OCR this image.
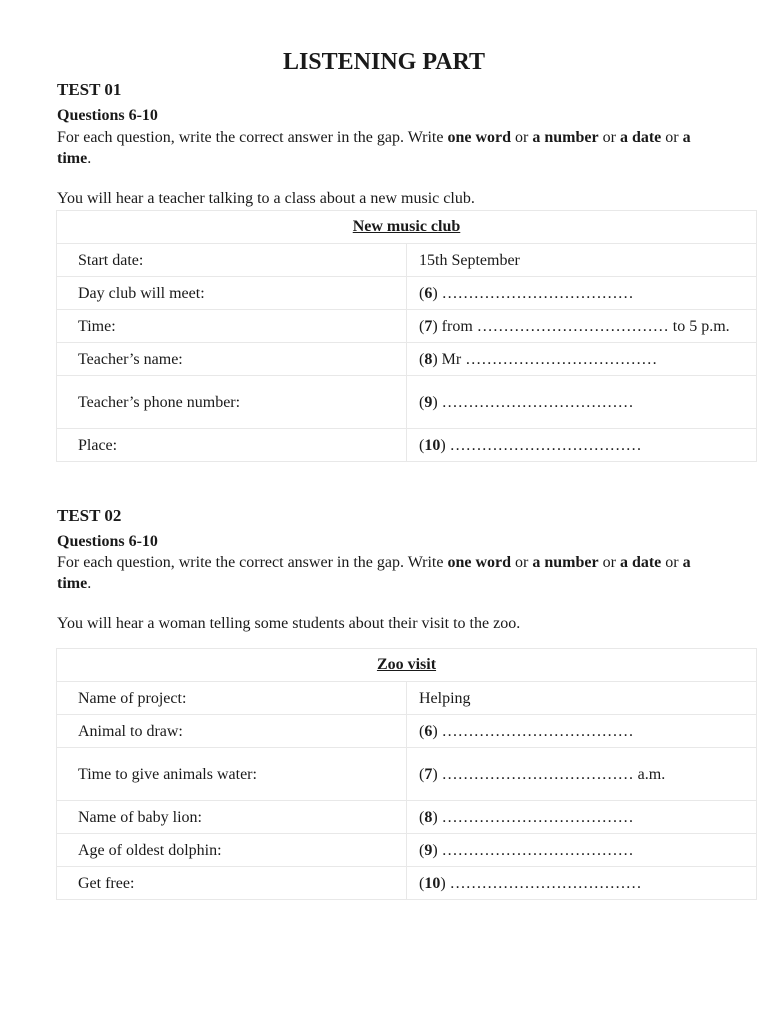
LISTENING PART
TEST 01
Questions 6-10

For each question, write the correct answer in the gap. Write one word or a number or a date or a time.

You will hear a teacher talking to a class about a new music club.

New music club	
Start date:	15th September
Day club will meet:	(6) ………………………………
Time:	(7) from ……………………………… to 5 p.m.
Teacher’s name:	(8) Mr ………………………………
Teacher’s phone number:	(9) ………………………………
Place:	(10) ………………………………
TEST 02
Questions 6-10

For each question, write the correct answer in the gap. Write one word or a number or a date or a time.

You will hear a woman telling some students about their visit to the zoo.

Zoo visit	
Name of project:	Helping
Animal to draw:	(6) ………………………………
Time to give animals water:	(7) ……………………………… a.m.
Name of baby lion:	(8) ………………………………
Age of oldest dolphin:	(9) ………………………………
Get free:	(10) ………………………………
